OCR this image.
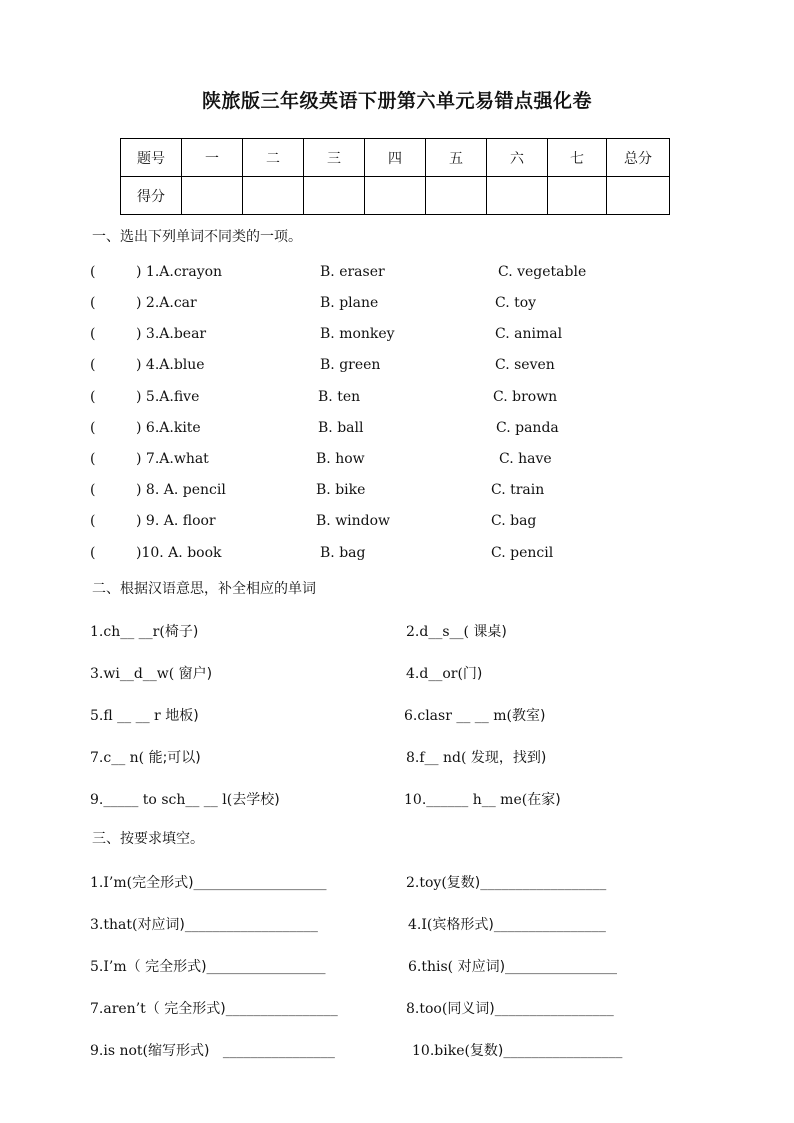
陕旅版三年级英语下册第六单元易错点强化卷
题号	一	二	三	四	五	六	七	总分
得分								
一、选出下列单词不同类的一项。
(	) 1.A.crayon	B. eraser	C. vegetable
(	) 2.A.car	B. plane	C. toy
(	) 3.A.bear	B. monkey	C. animal
(	) 4.A.blue	B. green	C. seven
(	) 5.A.five	B. ten	C. brown
(	) 6.A.kite	B. ball	C. panda
(	) 7.A.what	B. how	C. have
(	) 8. A. pencil	B. bike	C. train
(	) 9. A. floor	B. window	C. bag
(	)10. A. book	B. bag	C. pencil
二、根据汉语意思，补全相应的单词
1.ch__ __r(椅子)	2.d__s__( 课桌)
3.wi__d__w( 窗户)	4.d__or(门)
5.fl __ __ r 地板)	6.clasr __ __ m(教室)
7.c__ n( 能;可以)	8.f__ nd( 发现，找到)
9._____ to sch__ __ l(去学校)	10.______ h__ me(在家)
三、按要求填空。
1.I’m(完全形式)___________________	2.toy(复数)__________________
3.that(对应词)___________________	4.I(宾格形式)________________
5.I’m（ 完全形式)_________________	6.this( 对应词)________________
7.aren’t（ 完全形式)________________	8.too(同义词)_________________
9.is not(缩写形式)   ________________	10.bike(复数)_________________
